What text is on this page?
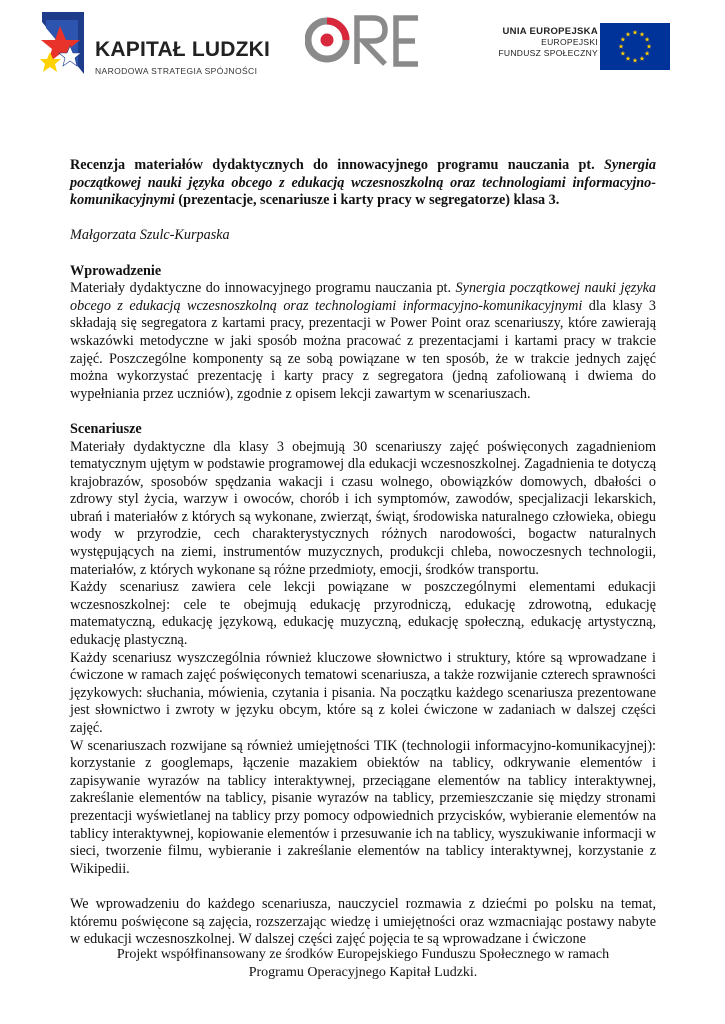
KAPITAŁ LUDZKI
NARODOWA STRATEGIA SPÓJNOŚCI
UNIA EUROPEJSKA
EUROPEJSKI
FUNDUSZ SPOŁECZNY

Recenzja materiałów dydaktycznych do innowacyjnego programu nauczania pt. Synergia początkowej nauki języka obcego z edukacją wczesnoszkolną oraz technologiami informacyjno-komunikacyjnymi (prezentacje, scenariusze i karty pracy w segregatorze) klasa 3.

Małgorzata Szulc-Kurpaska

Wprowadzenie

Materiały dydaktyczne do innowacyjnego programu nauczania pt. Synergia początkowej nauki języka obcego z edukacją wczesnoszkolną oraz technologiami informacyjno-komunikacyjnymi dla klasy 3 składają się segregatora z kartami pracy, prezentacji w Power Point oraz scenariuszy, które zawierają wskazówki metodyczne w jaki sposób można pracować z prezentacjami i kartami pracy w trakcie zajęć. Poszczególne komponenty są ze sobą powiązane w ten sposób, że w trakcie jednych zajęć można wykorzystać prezentację i karty pracy z segregatora (jedną zafoliowaną i dwiema do wypełniania przez uczniów), zgodnie z opisem lekcji zawartym w scenariuszach.

Scenariusze

Materiały dydaktyczne dla klasy 3 obejmują 30 scenariuszy zajęć poświęconych zagadnieniom tematycznym ujętym w podstawie programowej dla edukacji wczesnoszkolnej. Zagadnienia te dotyczą krajobrazów, sposobów spędzania wakacji i czasu wolnego, obowiązków domowych, dbałości o zdrowy styl życia, warzyw i owoców, chorób i ich symptomów, zawodów, specjalizacji lekarskich, ubrań i materiałów z których są wykonane, zwierząt, świąt, środowiska naturalnego człowieka, obiegu wody w przyrodzie, cech charakterystycznych różnych narodowości, bogactw naturalnych występujących na ziemi, instrumentów muzycznych, produkcji chleba, nowoczesnych technologii, materiałów, z których wykonane są różne przedmioty, emocji, środków transportu.

Każdy scenariusz zawiera cele lekcji powiązane w poszczególnymi elementami edukacji wczesnoszkolnej: cele te obejmują edukację przyrodniczą, edukację zdrowotną, edukację matematyczną, edukację językową, edukację muzyczną, edukację społeczną, edukację artystyczną, edukację plastyczną.

Każdy scenariusz wyszczególnia również kluczowe słownictwo i struktury, które są wprowadzane i ćwiczone w ramach zajęć poświęconych tematowi scenariusza, a także rozwijanie czterech sprawności językowych: słuchania, mówienia, czytania i pisania. Na początku każdego scenariusza prezentowane jest słownictwo i zwroty w języku obcym, które są z kolei ćwiczone w zadaniach w dalszej części zajęć.

W scenariuszach rozwijane są również umiejętności TIK (technologii informacyjno-komunikacyjnej): korzystanie z googlemaps, łączenie mazakiem obiektów na tablicy, odkrywanie elementów i zapisywanie wyrazów na tablicy interaktywnej, przeciągane elementów na tablicy interaktywnej, zakreślanie elementów na tablicy, pisanie wyrazów na tablicy, przemieszczanie się między stronami prezentacji wyświetlanej na tablicy przy pomocy odpowiednich przycisków, wybieranie elementów na tablicy interaktywnej, kopiowanie elementów i przesuwanie ich na tablicy, wyszukiwanie informacji w sieci, tworzenie filmu, wybieranie i zakreślanie elementów na tablicy interaktywnej, korzystanie z Wikipedii.

We wprowadzeniu do każdego scenariusza, nauczyciel rozmawia z dziećmi po polsku na temat, któremu poświęcone są zajęcia, rozszerzając wiedzę i umiejętności oraz wzmacniając postawy nabyte w edukacji wczesnoszkolnej. W dalszej części zajęć pojęcia te są wprowadzane i ćwiczone

Projekt współfinansowany ze środków Europejskiego Funduszu Społecznego w ramach
Programu Operacyjnego Kapitał Ludzki.
